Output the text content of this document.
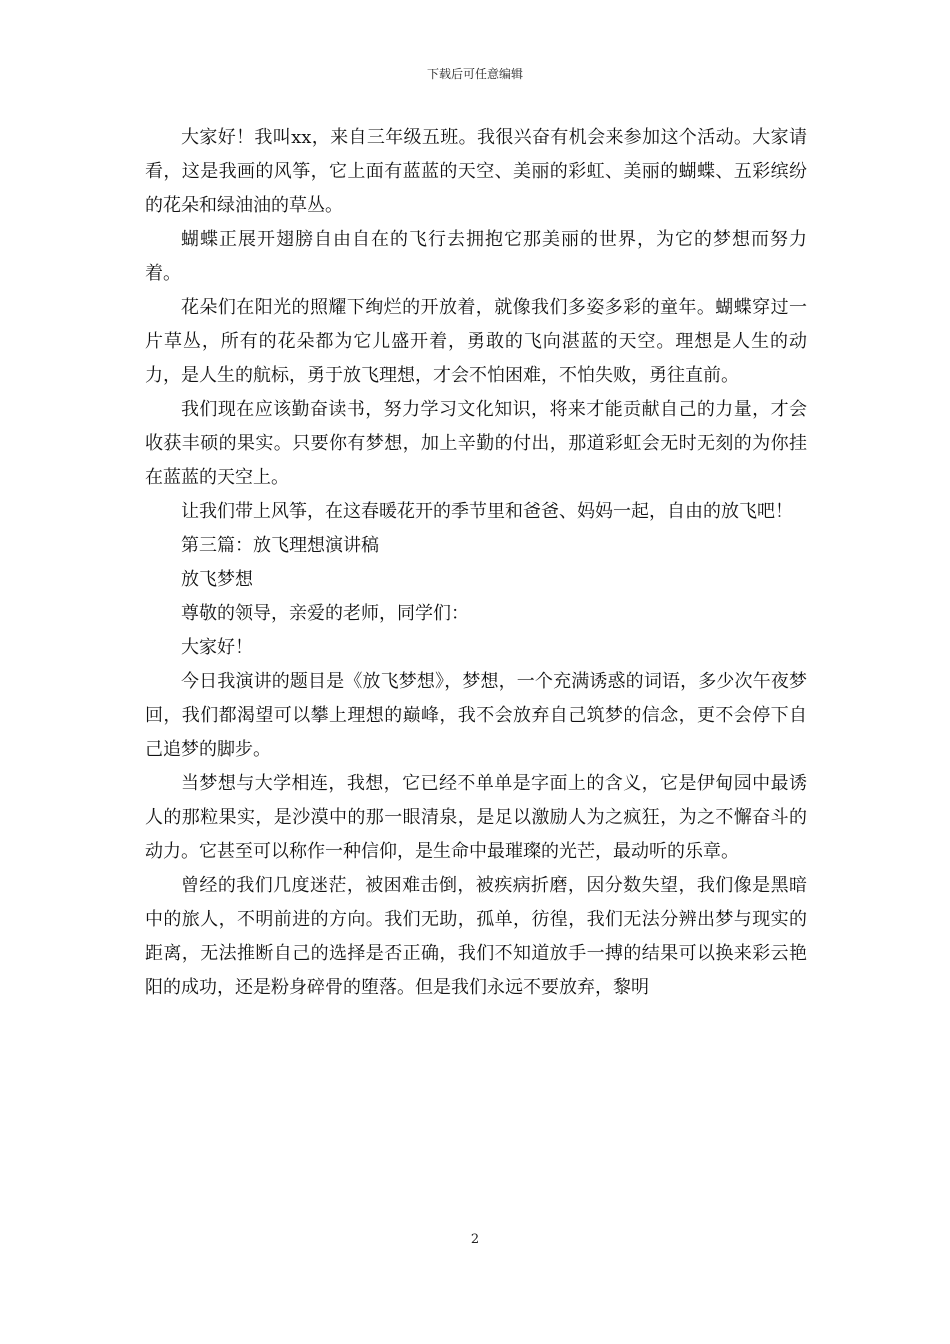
下载后可任意编辑

大家好！我叫xx，来自三年级五班。我很兴奋有机会来参加这个活动。大家请看，这是我画的风筝，它上面有蓝蓝的天空、美丽的彩虹、美丽的蝴蝶、五彩缤纷的花朵和绿油油的草丛。

蝴蝶正展开翅膀自由自在的飞行去拥抱它那美丽的世界，为它的梦想而努力着。

花朵们在阳光的照耀下绚烂的开放着，就像我们多姿多彩的童年。蝴蝶穿过一片草丛，所有的花朵都为它儿盛开着，勇敢的飞向湛蓝的天空。理想是人生的动力，是人生的航标，勇于放飞理想，才会不怕困难，不怕失败，勇往直前。

我们现在应该勤奋读书，努力学习文化知识，将来才能贡献自己的力量，才会收获丰硕的果实。只要你有梦想，加上辛勤的付出，那道彩虹会无时无刻的为你挂在蓝蓝的天空上。

让我们带上风筝，在这春暖花开的季节里和爸爸、妈妈一起，自由的放飞吧！

第三篇：放飞理想演讲稿

放飞梦想

尊敬的领导，亲爱的老师，同学们：

大家好！

今日我演讲的题目是《放飞梦想》，梦想，一个充满诱惑的词语，多少次午夜梦回，我们都渴望可以攀上理想的巅峰，我不会放弃自己筑梦的信念，更不会停下自己追梦的脚步。

当梦想与大学相连，我想，它已经不单单是字面上的含义，它是伊甸园中最诱人的那粒果实，是沙漠中的那一眼清泉，是足以激励人为之疯狂，为之不懈奋斗的动力。它甚至可以称作一种信仰，是生命中最璀璨的光芒，最动听的乐章。

曾经的我们几度迷茫，被困难击倒，被疾病折磨，因分数失望，我们像是黑暗中的旅人，不明前进的方向。我们无助，孤单，彷徨，我们无法分辨出梦与现实的距离，无法推断自己的选择是否正确，我们不知道放手一搏的结果可以换来彩云艳阳的成功，还是粉身碎骨的堕落。但是我们永远不要放弃，黎明

2
